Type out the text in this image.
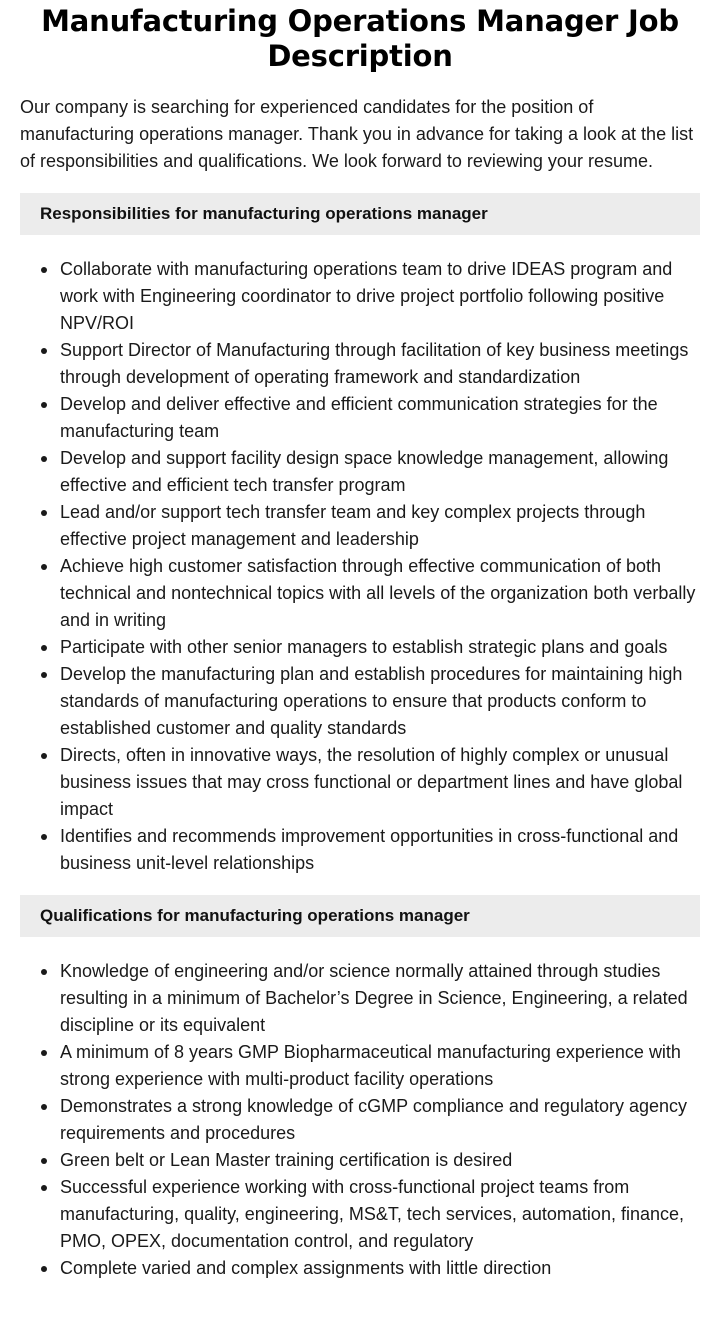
Manufacturing Operations Manager Job Description

Our company is searching for experienced candidates for the position of manufacturing operations manager. Thank you in advance for taking a look at the list of responsibilities and qualifications. We look forward to reviewing your resume.

Responsibilities for manufacturing operations manager
Collaborate with manufacturing operations team to drive IDEAS program and work with Engineering coordinator to drive project portfolio following positive NPV/ROI
Support Director of Manufacturing through facilitation of key business meetings through development of operating framework and standardization
Develop and deliver effective and efficient communication strategies for the manufacturing team
Develop and support facility design space knowledge management, allowing effective and efficient tech transfer program
Lead and/or support tech transfer team and key complex projects through effective project management and leadership
Achieve high customer satisfaction through effective communication of both technical and nontechnical topics with all levels of the organization both verbally and in writing
Participate with other senior managers to establish strategic plans and goals
Develop the manufacturing plan and establish procedures for maintaining high standards of manufacturing operations to ensure that products conform to established customer and quality standards
Directs, often in innovative ways, the resolution of highly complex or unusual business issues that may cross functional or department lines and have global impact
Identifies and recommends improvement opportunities in cross-functional and business unit-level relationships
Qualifications for manufacturing operations manager
Knowledge of engineering and/or science normally attained through studies resulting in a minimum of Bachelor’s Degree in Science, Engineering, a related discipline or its equivalent
A minimum of 8 years GMP Biopharmaceutical manufacturing experience with strong experience with multi-product facility operations
Demonstrates a strong knowledge of cGMP compliance and regulatory agency requirements and procedures
Green belt or Lean Master training certification is desired
Successful experience working with cross-functional project teams from manufacturing, quality, engineering, MS&T, tech services, automation, finance, PMO, OPEX, documentation control, and regulatory
Complete varied and complex assignments with little direction
